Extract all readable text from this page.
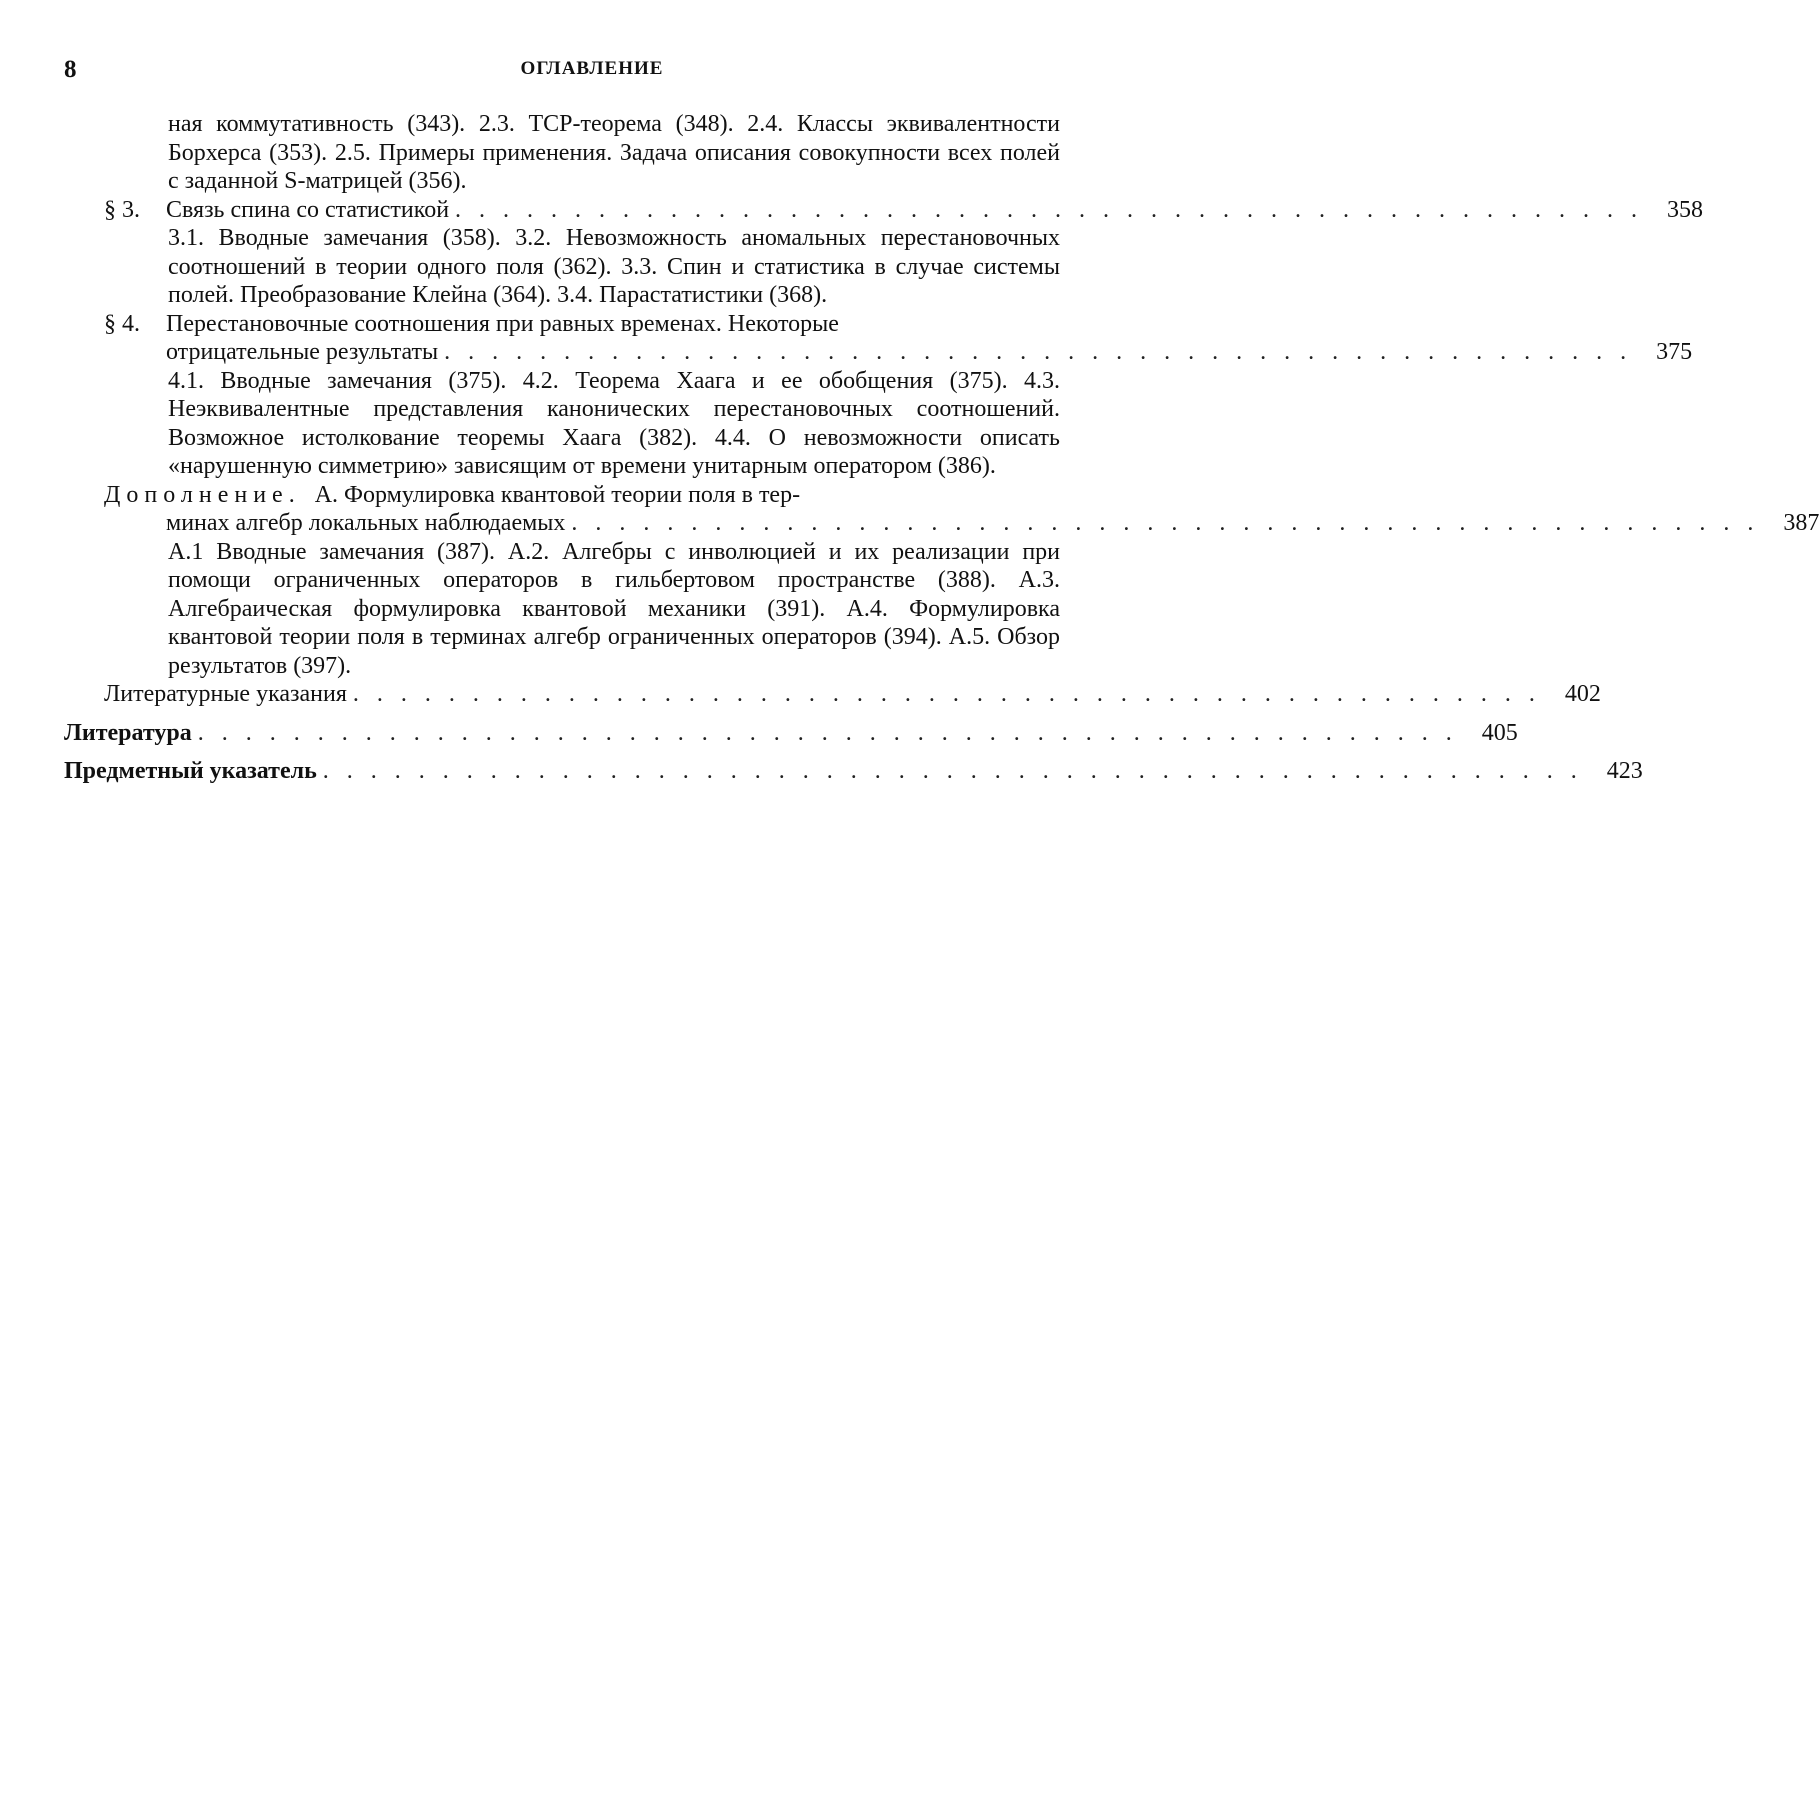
8	ОГЛАВЛЕНИЕ
ная коммутативность (343). 2.3. TCP-теорема (348). 2.4. Классы эквивалентности Борхерса (353). 2.5. Примеры применения. Задача описания совокупности всех полей с заданной S-матрицей (356).
§ 3.	Связь спина со статистикой . . . . . . . . . . . . . . . . . . . . . . . . . . . . . . . . . . . . . . . . . . . . . . . . . .	358
3.1. Вводные замечания (358). 3.2. Невозможность аномальных перестановочных соотношений в теории одного поля (362). 3.3. Спин и статистика в случае системы полей. Преобразование Клейна (364). 3.4. Парастатистики (368).
§ 4.	Перестановочные соотношения при равных временах. Некоторые
отрицательные результаты . . . . . . . . . . . . . . . . . . . . . . . . . . . . . . . . . . . . . . . . . . . . . . . . . .	375
4.1. Вводные замечания (375). 4.2. Теорема Хаага и ее обобщения (375). 4.3. Неэквивалентные представления канонических перестановочных соотношений. Возможное истолкование теоремы Хаага (382). 4.4. О невозможности описать «нарушенную симметрию» зависящим от времени унитарным оператором (386).
Дополнение. А. Формулировка квантовой теории поля в тер-
минах алгебр локальных наблюдаемых . . . . . . . . . . . . . . . . . . . . . . . . . . . . . . . . . . . . . . . . . . . . . . . . . .	387
А.1 Вводные замечания (387). А.2. Алгебры с инволюцией и их реализации при помощи ограниченных операторов в гильбертовом пространстве (388). А.3. Алгебраическая формулировка квантовой механики (391). А.4. Формулировка квантовой теории поля в терминах алгебр ограниченных операторов (394). А.5. Обзор результатов (397).
Литературные указания . . . . . . . . . . . . . . . . . . . . . . . . . . . . . . . . . . . . . . . . . . . . . . . . . .	402
Литература . . . . . . . . . . . . . . . . . . . . . . . . . . . . . . . . . . . . . . . . . . . . . . . . . . . . .	405
Предметный указатель . . . . . . . . . . . . . . . . . . . . . . . . . . . . . . . . . . . . . . . . . . . . . . . . . . . . .	423
